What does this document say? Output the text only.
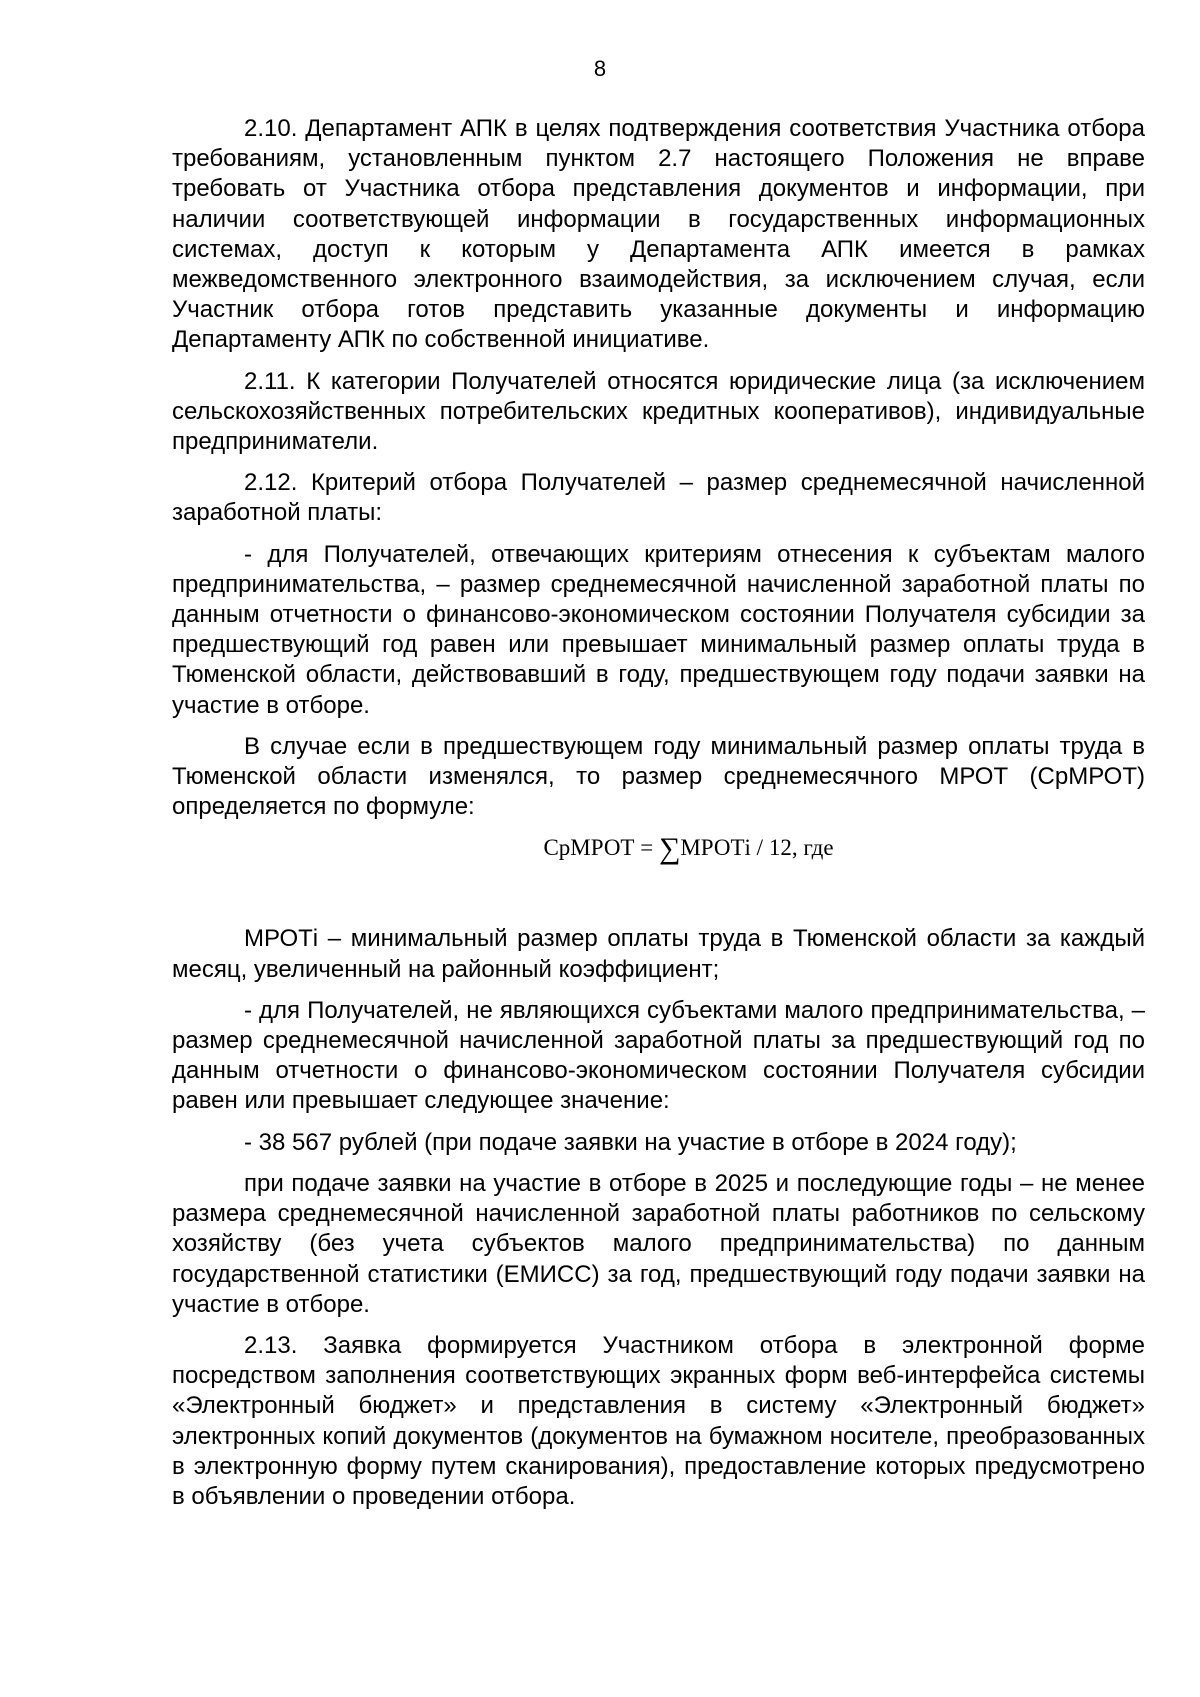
8

2.10. Департамент АПК в целях подтверждения соответствия Участника отбора требованиям, установленным пунктом 2.7 настоящего Положения не вправе требовать от Участника отбора представления документов и информации, при наличии соответствующей информации в государственных информационных системах, доступ к которым у Департамента АПК имеется в рамках межведомственного электронного взаимодействия, за исключением случая, если Участник отбора готов представить указанные документы и информацию Департаменту АПК по собственной инициативе.

2.11. К категории Получателей относятся юридические лица (за исключением сельскохозяйственных потребительских кредитных кооперативов), индивидуальные предприниматели.

2.12. Критерий отбора Получателей – размер среднемесячной начисленной заработной платы:

- для Получателей, отвечающих критериям отнесения к субъектам малого предпринимательства, – размер среднемесячной начисленной заработной платы по данным отчетности о финансово-экономическом состоянии Получателя субсидии за предшествующий год равен или превышает минимальный размер оплаты труда в Тюменской области, действовавший в году, предшествующем году подачи заявки на участие в отборе.

В случае если в предшествующем году минимальный размер оплаты труда в Тюменской области изменялся, то размер среднемесячного МРОТ (СрМРОТ) определяется по формуле:

СрМРОТ = ∑МРОТi / 12, где

МРОТi – минимальный размер оплаты труда в Тюменской области за каждый месяц, увеличенный на районный коэффициент;

- для Получателей, не являющихся субъектами малого предпринимательства, – размер среднемесячной начисленной заработной платы за предшествующий год по данным отчетности о финансово-экономическом состоянии Получателя субсидии равен или превышает следующее значение:

- 38 567 рублей (при подаче заявки на участие в отборе в 2024 году);

при подаче заявки на участие в отборе в 2025 и последующие годы – не менее размера среднемесячной начисленной заработной платы работников по сельскому хозяйству (без учета субъектов малого предпринимательства) по данным государственной статистики (ЕМИСС) за год, предшествующий году подачи заявки на участие в отборе.

2.13. Заявка формируется Участником отбора в электронной форме посредством заполнения соответствующих экранных форм веб-интерфейса системы «Электронный бюджет» и представления в систему «Электронный бюджет» электронных копий документов (документов на бумажном носителе, преобразованных в электронную форму путем сканирования), предоставление которых предусмотрено в объявлении о проведении отбора.
